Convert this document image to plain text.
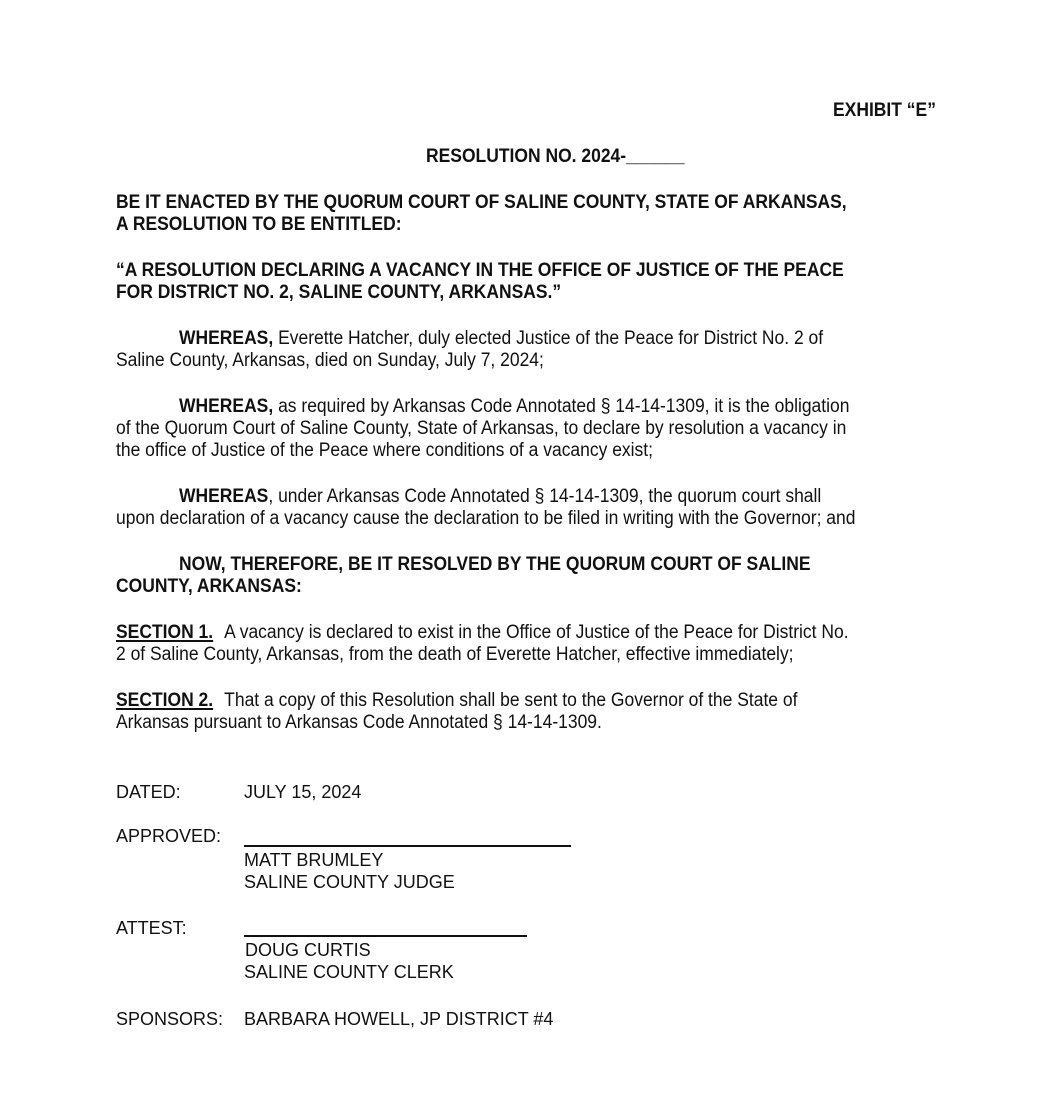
EXHIBIT “E”
RESOLUTION NO. 2024-______
BE IT ENACTED BY THE QUORUM COURT OF SALINE COUNTY, STATE OF ARKANSAS,
A RESOLUTION TO BE ENTITLED:
“A RESOLUTION DECLARING A VACANCY IN THE OFFICE OF JUSTICE OF THE PEACE
FOR DISTRICT NO. 2, SALINE COUNTY, ARKANSAS.”
WHEREAS, Everette Hatcher, duly elected Justice of the Peace for District No. 2 of
Saline County, Arkansas, died on Sunday, July 7, 2024;
WHEREAS, as required by Arkansas Code Annotated § 14-14-1309, it is the obligation
of the Quorum Court of Saline County, State of Arkansas, to declare by resolution a vacancy in
the office of Justice of the Peace where conditions of a vacancy exist;
WHEREAS, under Arkansas Code Annotated § 14-14-1309, the quorum court shall
upon declaration of a vacancy cause the declaration to be filed in writing with the Governor; and
NOW, THEREFORE, BE IT RESOLVED BY THE QUORUM COURT OF SALINE
COUNTY, ARKANSAS:
SECTION 1. A vacancy is declared to exist in the Office of Justice of the Peace for District No.
2 of Saline County, Arkansas, from the death of Everette Hatcher, effective immediately;
SECTION 2. That a copy of this Resolution shall be sent to the Governor of the State of
Arkansas pursuant to Arkansas Code Annotated § 14-14-1309.
DATED:	JULY 15, 2024
APPROVED:
MATT BRUMLEY
SALINE COUNTY JUDGE
ATTEST:
DOUG CURTIS
SALINE COUNTY CLERK
SPONSORS: BARBARA HOWELL, JP DISTRICT #4
